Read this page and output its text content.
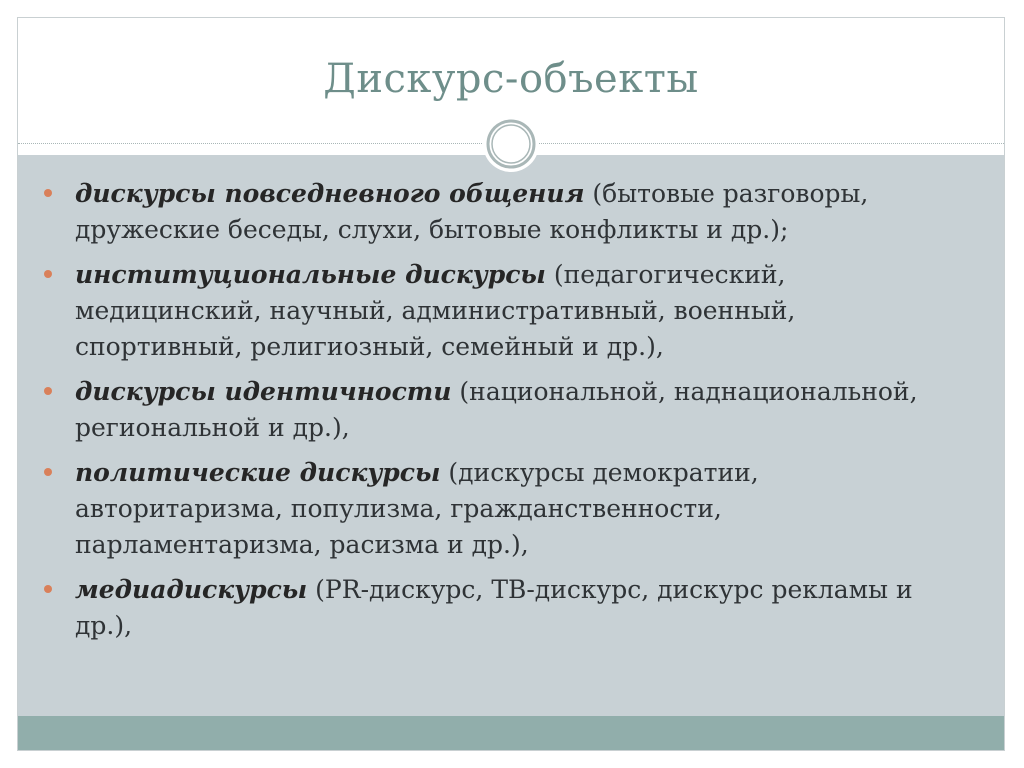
Дискурс-объекты
дискурсы повседневного общения (бытовые разговоры, дружеские беседы, слухи, бытовые конфликты и др.);
институциональные дискурсы (педагогический, медицинский, научный, административный, военный, спортивный, религиозный, семейный и др.),
дискурсы идентичности (национальной, наднациональной, региональной и др.),
политические дискурсы (дискурсы демократии, авторитаризма, популизма, гражданственности, парламентаризма, расизма и др.),
медиадискурсы (PR-дискурс, ТВ-дискурс, дискурс рекламы и др.),
